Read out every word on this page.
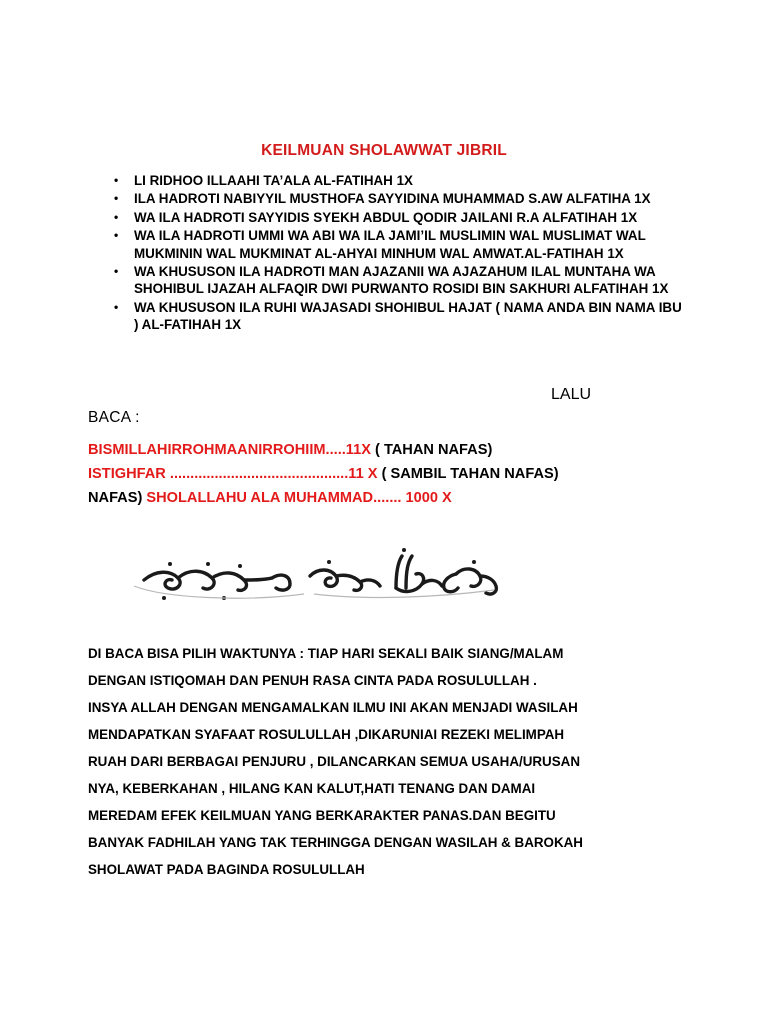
KEILMUAN SHOLAWWAT JIBRIL
• LI RIDHOO ILLAAHI TA’ALA AL-FATIHAH 1X
• ILA HADROTI NABIYYIL MUSTHOFA SAYYIDINA MUHAMMAD S.AW ALFATIHA 1X
• WA ILA HADROTI SAYYIDIS SYEKH ABDUL QODIR JAILANI R.A ALFATIHAH 1X
• WA ILA HADROTI UMMI WA ABI WA ILA JAMI’IL MUSLIMIN WAL MUSLIMAT WAL MUKMININ WAL MUKMINAT AL-AHYAI MINHUM WAL AMWAT.AL-FATIHAH 1X
• WA KHUSUSON ILA HADROTI MAN AJAZANII WA AJAZAHUM ILAL MUNTAHA WA SHOHIBUL IJAZAH ALFAQIR DWI PURWANTO ROSIDI BIN SAKHURI ALFATIHAH 1X
• WA KHUSUSON ILA RUHI WAJASADI SHOHIBUL HAJAT ( NAMA ANDA BIN NAMA IBU ) AL-FATIHAH 1X
LALU
BACA :
BISMILLAHIRROHMAANIRROHIIM.....11X ( TAHAN NAFAS)
ISTIGHFAR ............................................11 X ( SAMBIL TAHAN NAFAS)
NAFAS) SHOLALLAHU ALA MUHAMMAD....... 1000 X
DI BACA BISA PILIH WAKTUNYA : TIAP HARI SEKALI BAIK SIANG/MALAM
DENGAN ISTIQOMAH DAN PENUH RASA CINTA PADA ROSULULLAH .
INSYA ALLAH DENGAN MENGAMALKAN ILMU INI AKAN MENJADI WASILAH
MENDAPATKAN SYAFAAT ROSULULLAH ,DIKARUNIAI REZEKI MELIMPAH
RUAH DARI BERBAGAI PENJURU , DILANCARKAN SEMUA USAHA/URUSAN
NYA, KEBERKAHAN , HILANG KAN KALUT,HATI TENANG DAN DAMAI
MEREDAM EFEK KEILMUAN YANG BERKARAKTER PANAS.DAN BEGITU
BANYAK FADHILAH YANG TAK TERHINGGA DENGAN WASILAH & BAROKAH
SHOLAWAT PADA BAGINDA ROSULULLAH
